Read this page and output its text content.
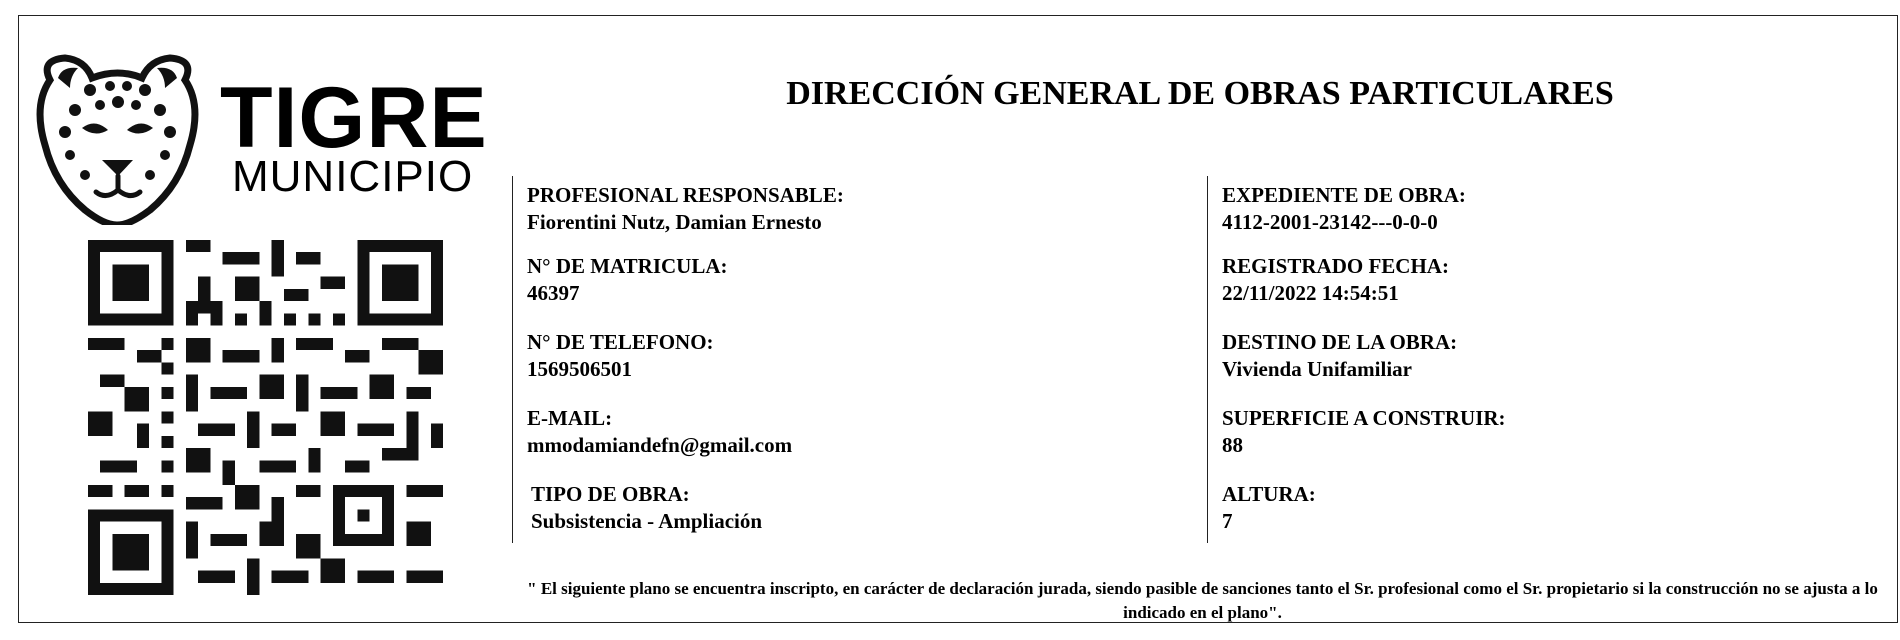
TIGRE
MUNICIPIO
DIRECCIÓN GENERAL DE OBRAS PARTICULARES
PROFESIONAL RESPONSABLE:
Fiorentini Nutz, Damian Ernesto
N° DE MATRICULA:
46397
N° DE TELEFONO:
1569506501
E-MAIL:
mmodamiandefn@gmail.com
TIPO DE OBRA:
Subsistencia - Ampliación
EXPEDIENTE DE OBRA:
4112-2001-23142---0-0-0
REGISTRADO FECHA:
22/11/2022 14:54:51
DESTINO DE LA OBRA:
Vivienda Unifamiliar
SUPERFICIE A CONSTRUIR:
88
ALTURA:
7
" El siguiente plano se encuentra inscripto, en carácter de declaración jurada, siendo pasible de sanciones tanto el Sr. profesional como el Sr. propietario si la construcción no se ajusta a lo indicado en el plano".
